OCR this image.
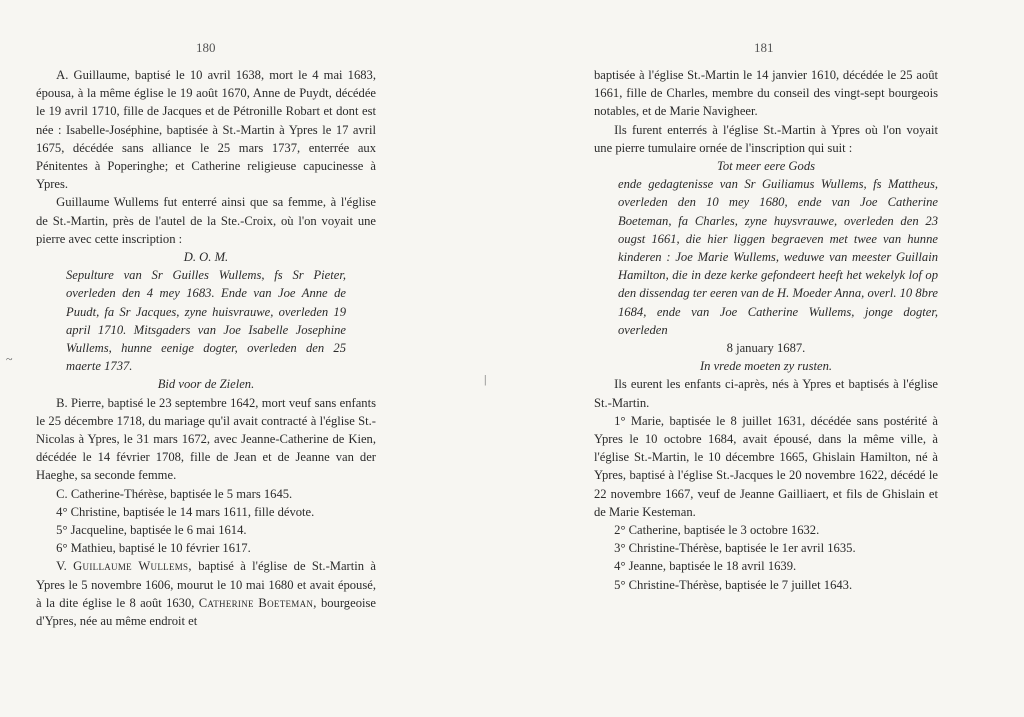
180

A. Guillaume, baptisé le 10 avril 1638, mort le 4 mai 1683, épousa, à la même église le 19 août 1670, Anne de Puydt, décédée le 19 avril 1710, fille de Jacques et de Pétronille Robart et dont est née : Isabelle-Joséphine, baptisée à St.-Martin à Ypres le 17 avril 1675, décédée sans alliance le 25 mars 1737, enterrée aux Pénitentes à Poperinghe; et Catherine religieuse capucinesse à Ypres.

Guillaume Wullems fut enterré ainsi que sa femme, à l'église de St.-Martin, près de l'autel de la Ste.-Croix, où l'on voyait une pierre avec cette inscription :

D. O. M.
Sepulture van Sr Guilles Wullems, fs Sr Pieter, overleden den 4 mey 1683. Ende van Joe Anne de Puudt, fa Sr Jacques, zyne huisvrauwe, overleden 19 april 1710. Mitsgaders van Joe Isabelle Josephine Wullems, hunne eenige dogter, overleden den 25 maerte 1737.
Bid voor de Zielen.

B. Pierre, baptisé le 23 septembre 1642, mort veuf sans enfants le 25 décembre 1718, du mariage qu'il avait contracté à l'église St.-Nicolas à Ypres, le 31 mars 1672, avec Jeanne-Catherine de Kien, décédée le 14 février 1708, fille de Jean et de Jeanne van der Haeghe, sa seconde femme.

C. Catherine-Thérèse, baptisée le 5 mars 1645.

4° Christine, baptisée le 14 mars 1611, fille dévote.

5° Jacqueline, baptisée le 6 mai 1614.

6° Mathieu, baptisé le 10 février 1617.

V. Guillaume Wullems, baptisé à l'église de St.-Martin à Ypres le 5 novembre 1606, mourut le 10 mai 1680 et avait épousé, à la dite église le 8 août 1630, Catherine Boeteman, bourgeoise d'Ypres, née au même endroit et

~
181

baptisée à l'église St.-Martin le 14 janvier 1610, décédée le 25 août 1661, fille de Charles, membre du conseil des vingt-sept bourgeois notables, et de Marie Navigheer.

Ils furent enterrés à l'église St.-Martin à Ypres où l'on voyait une pierre tumulaire ornée de l'inscription qui suit :

Tot meer eere Gods
ende gedagtenisse van Sr Guiliamus Wullems, fs Mattheus, overleden den 10 mey 1680, ende van Joe Catherine Boeteman, fa Charles, zyne huysvrauwe, overleden den 23 ougst 1661, die hier liggen begraeven met twee van hunne kinderen : Joe Marie Wullems, weduwe van meester Guillain Hamilton, die in deze kerke gefondeert heeft het wekelyk lof op den dissendag ter eeren van de H. Moeder Anna, overl. 10 8bre 1684, ende van Joe Catherine Wullems, jonge dogter, overleden
8 january 1687.
In vrede moeten zy rusten.

Ils eurent les enfants ci-après, nés à Ypres et baptisés à l'église St.-Martin.

1° Marie, baptisée le 8 juillet 1631, décédée sans postérité à Ypres le 10 octobre 1684, avait épousé, dans la même ville, à l'église St.-Martin, le 10 décembre 1665, Ghislain Hamilton, né à Ypres, baptisé à l'église St.-Jacques le 20 novembre 1622, décédé le 22 novembre 1667, veuf de Jeanne Gailliaert, et fils de Ghislain et de Marie Kesteman.

2° Catherine, baptisée le 3 octobre 1632.

3° Christine-Thérèse, baptisée le 1er avril 1635.

4° Jeanne, baptisée le 18 avril 1639.

5° Christine-Thérèse, baptisée le 7 juillet 1643.

|
